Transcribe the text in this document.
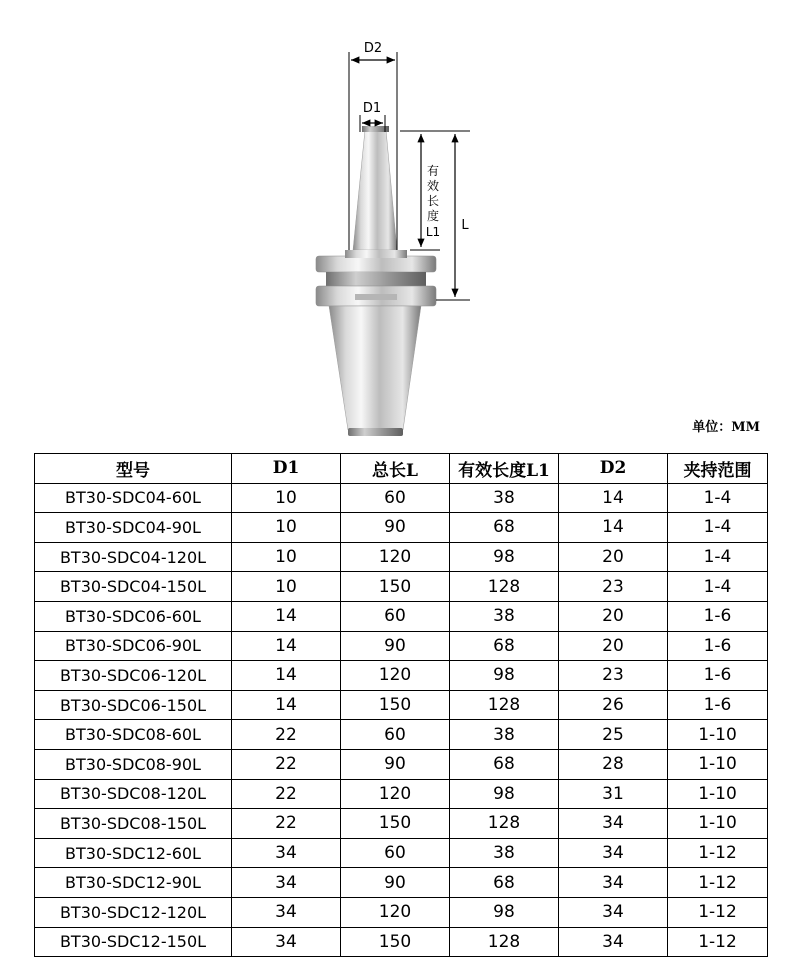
D2
D1
有
效
长
度
L1 L
单位：MM
型号	D1	总长L	有效长度L1	D2	夹持范围
BT30-SDC04-60L	10	60	38	14	1-4
BT30-SDC04-90L	10	90	68	14	1-4
BT30-SDC04-120L	10	120	98	20	1-4
BT30-SDC04-150L	10	150	128	23	1-4
BT30-SDC06-60L	14	60	38	20	1-6
BT30-SDC06-90L	14	90	68	20	1-6
BT30-SDC06-120L	14	120	98	23	1-6
BT30-SDC06-150L	14	150	128	26	1-6
BT30-SDC08-60L	22	60	38	25	1-10
BT30-SDC08-90L	22	90	68	28	1-10
BT30-SDC08-120L	22	120	98	31	1-10
BT30-SDC08-150L	22	150	128	34	1-10
BT30-SDC12-60L	34	60	38	34	1-12
BT30-SDC12-90L	34	90	68	34	1-12
BT30-SDC12-120L	34	120	98	34	1-12
BT30-SDC12-150L	34	150	128	34	1-12
